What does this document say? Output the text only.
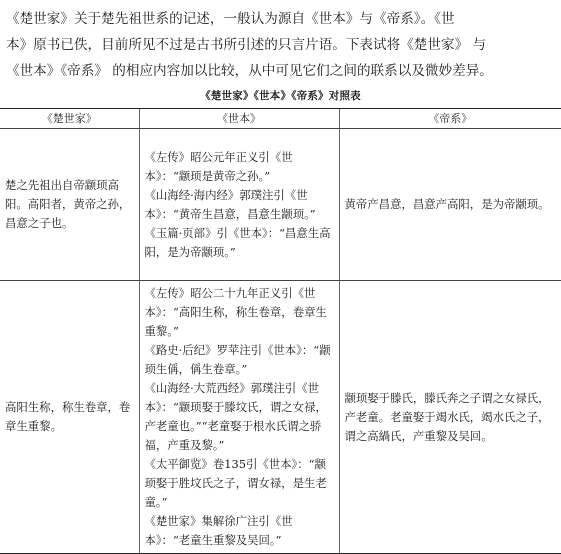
《楚世家》关于楚先祖世系的记述，一般认为源自《世本》与《帝系》。《世

本》原书已佚，目前所见不过是古书所引述的只言片语。下表试将《楚世家》 与

《世本》《帝系》 的相应内容加以比较，从中可见它们之间的联系以及微妙差异。

《楚世家》《世本》《帝系》对照表
《楚世家》	《世本》	《帝系》
楚之先祖出自帝颛顼高阳。高阳者，黄帝之孙，昌意之子也。	《左传》昭公元年正义引《世本》：“颛顼是黄帝之孙。”
《山海经·海内经》郭璞注引《世本》：“黄帝生昌意，昌意生颛顼。”
《玉篇·页部》引《世本》：“昌意生高阳，是为帝颛顼。”	黄帝产昌意，昌意产高阳，是为帝颛顼。
高阳生称，称生卷章，卷章生重黎。	《左传》昭公二十九年正义引《世本》：“高阳生称，称生卷章，卷章生重黎。”
《路史·后纪》罗苹注引《世本》：“颛顼生偁，偁生卷章。”
《山海经·大荒西经》郭璞注引《世本》：“颛顼娶于滕坟氏，谓之女禄，产老童也。”“老童娶于根水氏谓之骄福，产重及黎。”
《太平御览》卷135引《世本》：“颛顼娶于胜坟氏之子，谓女禄，是生老童。”
《楚世家》集解徐广注引《世本》：“老童生重黎及吴回。”	颛顼娶于滕氏，滕氏奔之子谓之女禄氏，产老童。老童娶于竭水氏，竭水氏之子，谓之高緺氏，产重黎及吴回。
